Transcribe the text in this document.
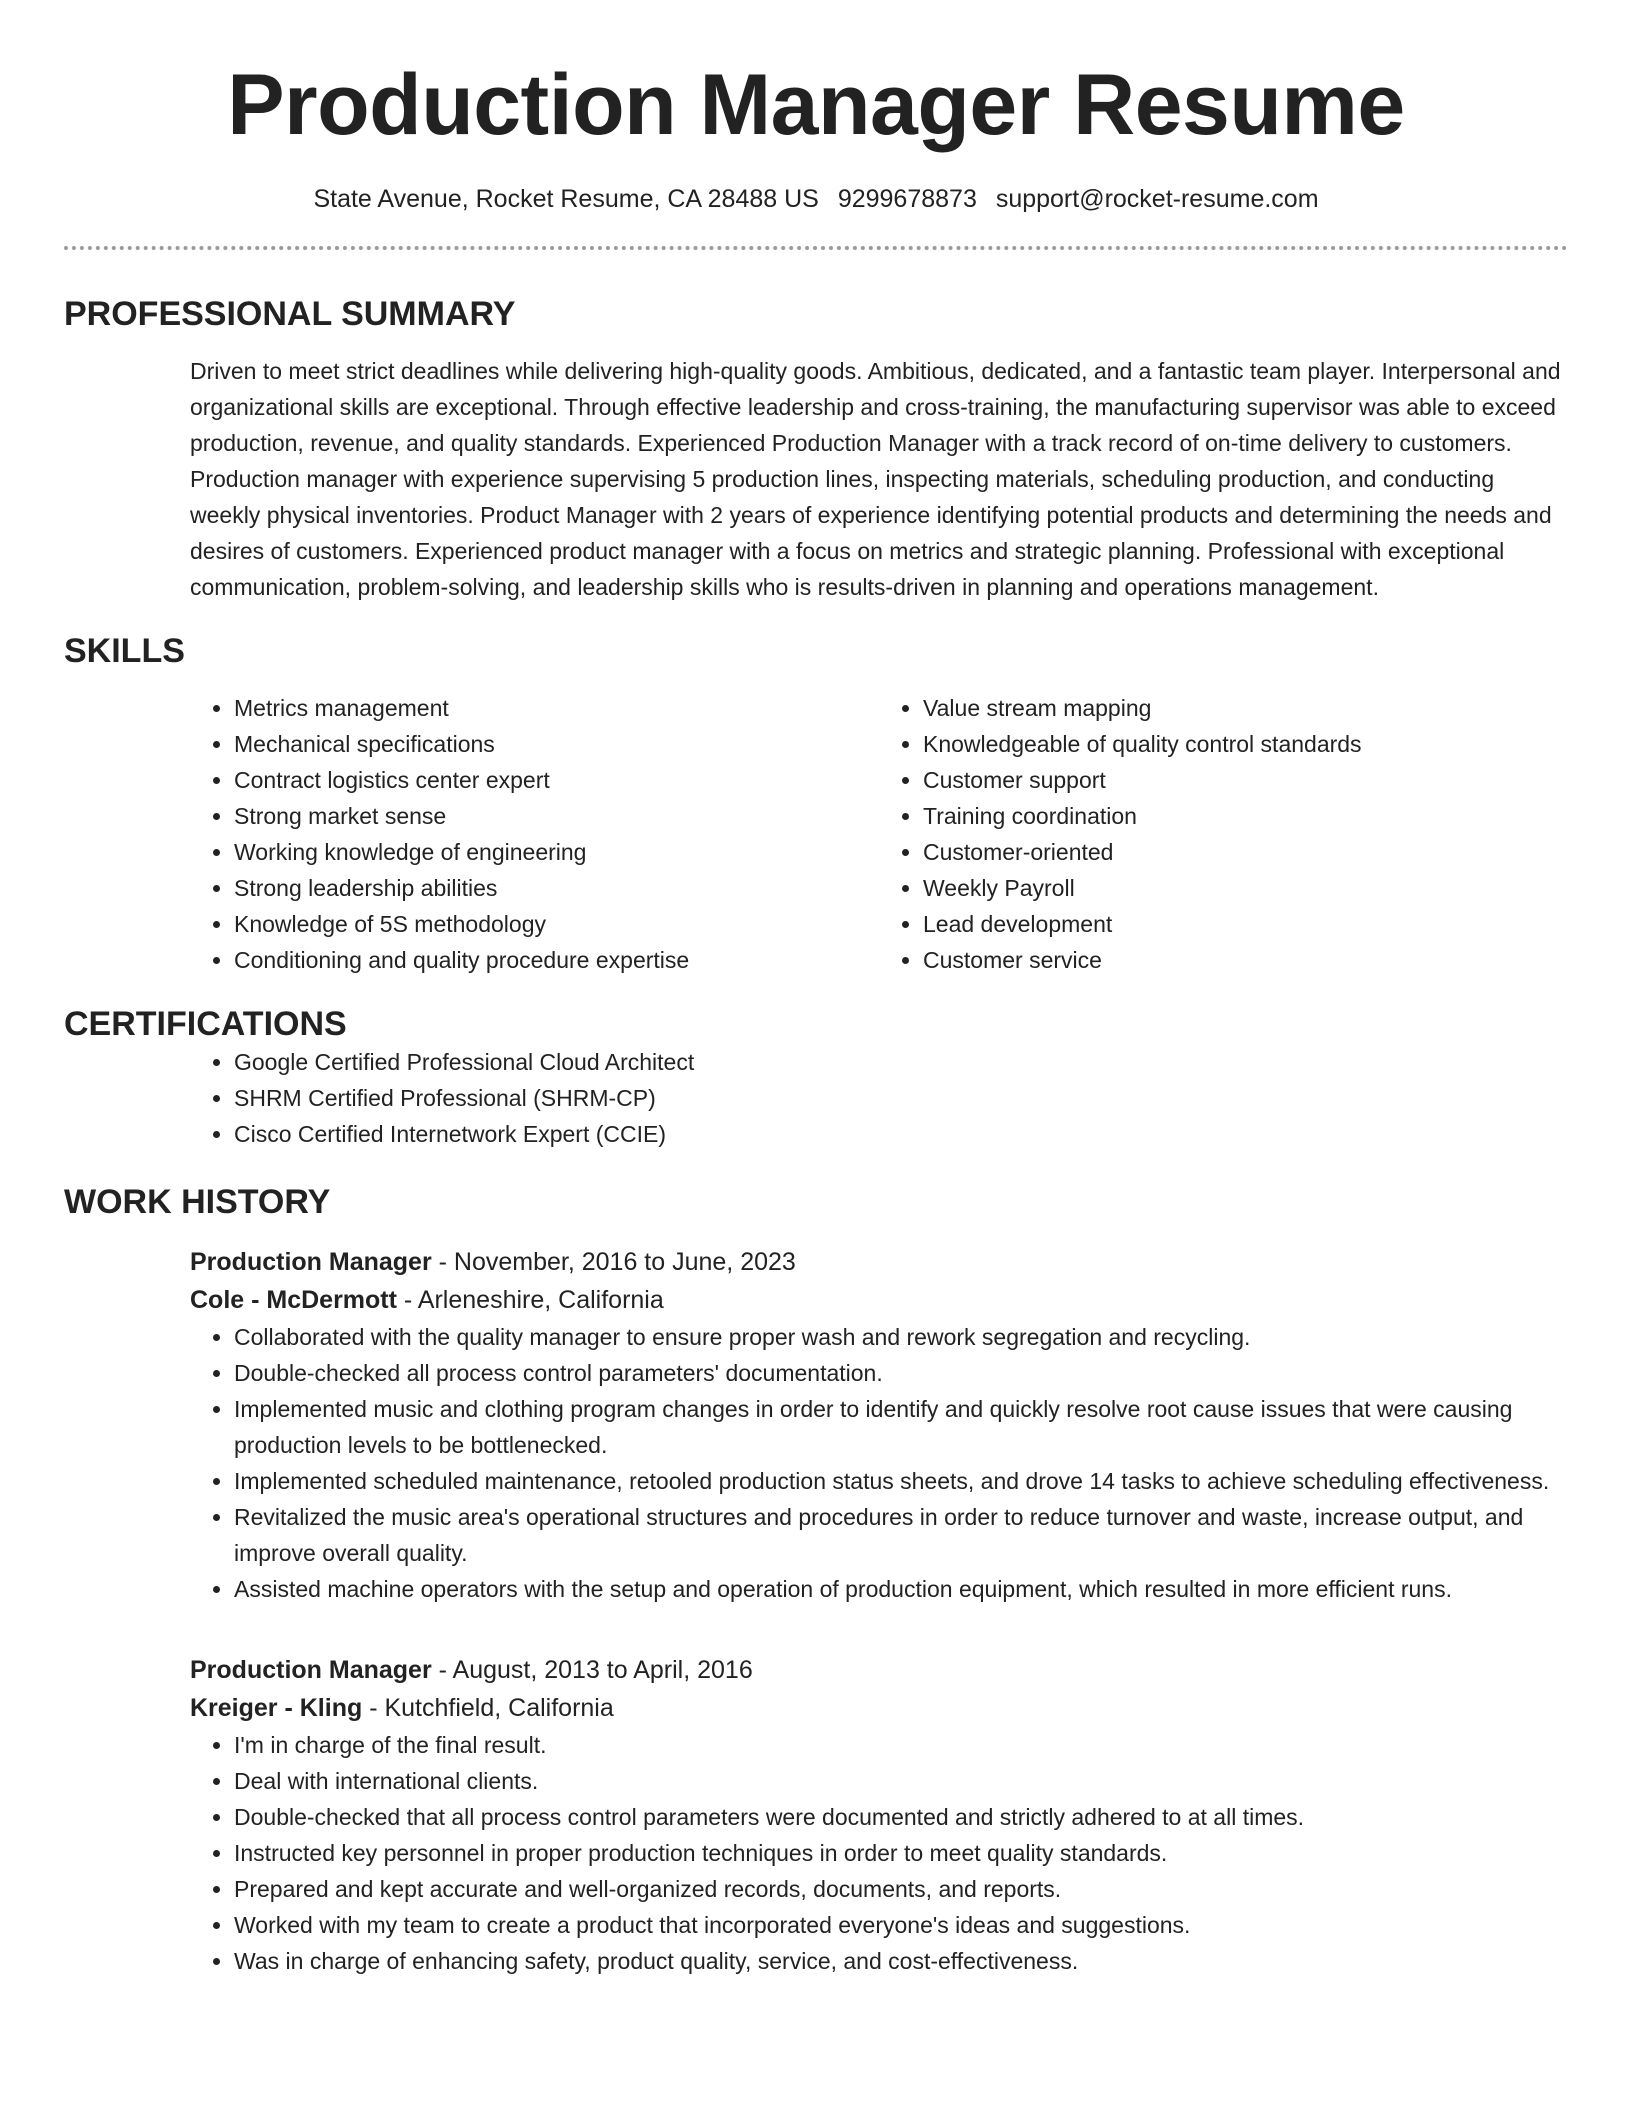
Production Manager Resume
State Avenue, Rocket Resume, CA 28488 US 9299678873 support@rocket-resume.com
PROFESSIONAL SUMMARY
Driven to meet strict deadlines while delivering high-quality goods. Ambitious, dedicated, and a fantastic team player. Interpersonal and organizational skills are exceptional. Through effective leadership and cross-training, the manufacturing supervisor was able to exceed production, revenue, and quality standards. Experienced Production Manager with a track record of on-time delivery to customers. Production manager with experience supervising 5 production lines, inspecting materials, scheduling production, and conducting weekly physical inventories. Product Manager with 2 years of experience identifying potential products and determining the needs and desires of customers. Experienced product manager with a focus on metrics and strategic planning. Professional with exceptional communication, problem-solving, and leadership skills who is results-driven in planning and operations management.
SKILLS
• Metrics management
• Mechanical specifications
• Contract logistics center expert
• Strong market sense
• Working knowledge of engineering
• Strong leadership abilities
• Knowledge of 5S methodology
• Conditioning and quality procedure expertise
• Value stream mapping
• Knowledgeable of quality control standards
• Customer support
• Training coordination
• Customer-oriented
• Weekly Payroll
• Lead development
• Customer service
CERTIFICATIONS
• Google Certified Professional Cloud Architect
• SHRM Certified Professional (SHRM-CP)
• Cisco Certified Internetwork Expert (CCIE)
WORK HISTORY
Production Manager - November, 2016 to June, 2023
Cole - McDermott - Arleneshire, California
• Collaborated with the quality manager to ensure proper wash and rework segregation and recycling.
• Double-checked all process control parameters' documentation.
• Implemented music and clothing program changes in order to identify and quickly resolve root cause issues that were causing production levels to be bottlenecked.
• Implemented scheduled maintenance, retooled production status sheets, and drove 14 tasks to achieve scheduling effectiveness.
• Revitalized the music area's operational structures and procedures in order to reduce turnover and waste, increase output, and improve overall quality.
• Assisted machine operators with the setup and operation of production equipment, which resulted in more efficient runs.
Production Manager - August, 2013 to April, 2016
Kreiger - Kling - Kutchfield, California
• I'm in charge of the final result.
• Deal with international clients.
• Double-checked that all process control parameters were documented and strictly adhered to at all times.
• Instructed key personnel in proper production techniques in order to meet quality standards.
• Prepared and kept accurate and well-organized records, documents, and reports.
• Worked with my team to create a product that incorporated everyone's ideas and suggestions.
• Was in charge of enhancing safety, product quality, service, and cost-effectiveness.
